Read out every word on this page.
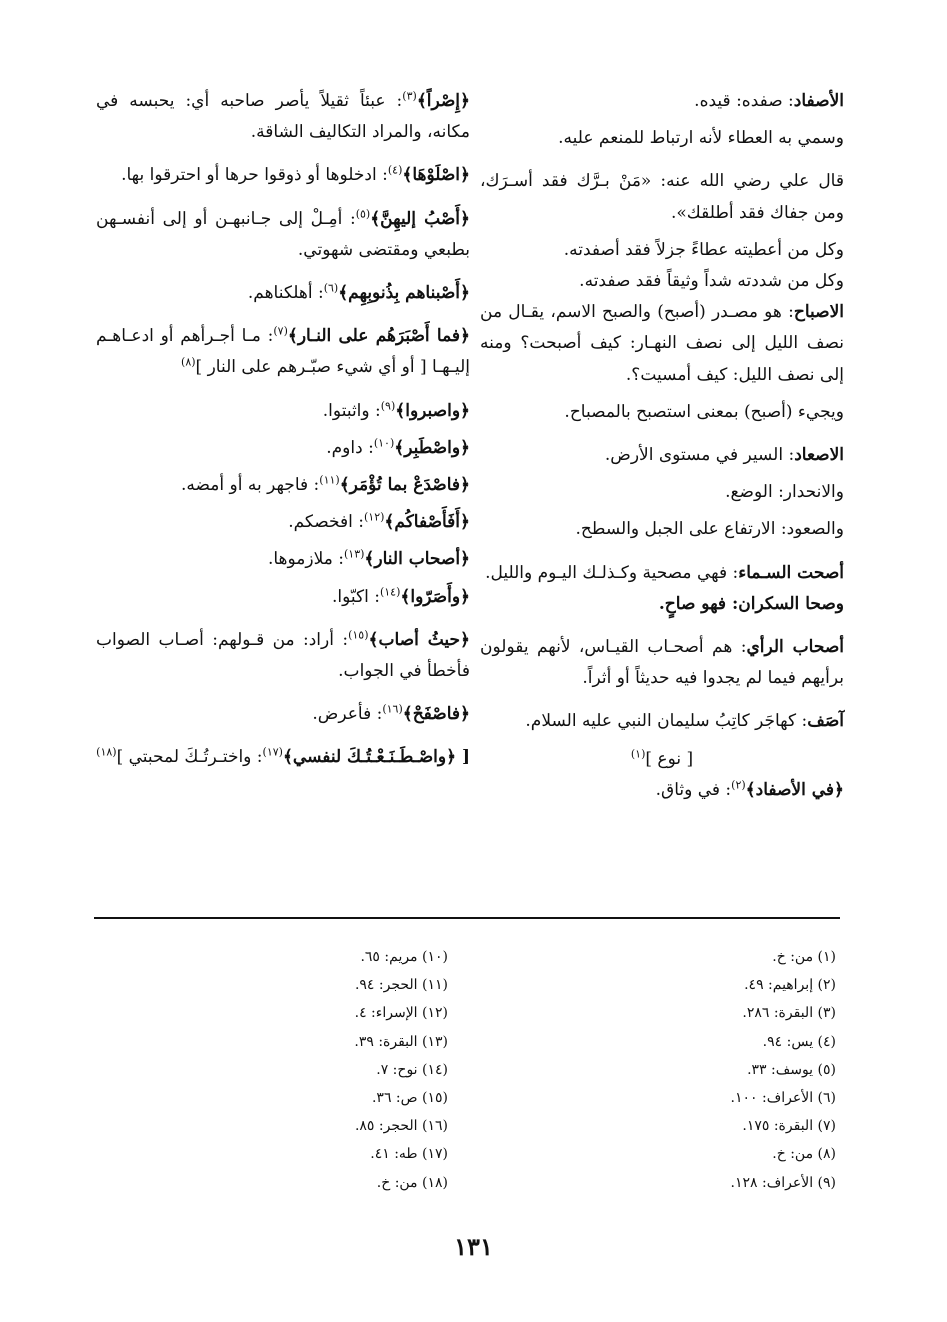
الأصفاد: صفده: قيده.

وسمي به العطاء لأنه ارتباط للمنعم عليه.

قال علي رضي الله عنه: «مَنْ بـرَّك فقد أسـرَك، ومن جفاك فقد أطلقك».

وكل من أعطيته عطاءً جزلاً فقد أصفدته.

وكل من شددته شداً وثيقاً فقد صفدته.

الاصباح: هو مصـدر (أصبح) والصبح الاسم، يقـال من نصف الليل إلى نصف النهـار: كيف أصبحت؟ ومنه إلى نصف الليل: كيف أمسيت؟.

ويجيء (أصبح) بمعنى استصبح بالمصباح.

الاصعاد: السير في مستوى الأرض.

والانحدار: الوضع.

والصعود: الارتفاع على الجبل والسطح.

أصحت السـماء: فهي مصحية وكـذلـك اليـوم والليل.

وصحا السكران: فهو صاحٍ.

أصحاب الرأي: هم أصحـاب القيـاس، لأنهم يقولون برأيهم فيما لم يجدوا فيه حديثاً أو أثراً.

آصَف: كهاجَر كاتِبُ سليمان النبي عليه السلام.

[ نوع ]$^{(١)}$

﴿في الأصفاد﴾$^{(٢)}$: في وثاق.

﴿إِصْراً﴾$^{(٣)}$: عبئاً ثقيلاً يأصر صاحبه أي: يحبسه في مكانه، والمراد التكاليف الشاقة.

﴿اصْلَوْهَا﴾$^{(٤)}$: ادخلوها أو ذوقوا حرها أو احترقوا بها.

﴿أَصْبُ إليهِنَّ﴾$^{(٥)}$: أمِـلْ إلى جـانبهـن أو إلى أنفسـهن بطبعي ومقتضى شهوتي.

﴿أَصْبناهم بِذُنوبِهِم﴾$^{(٦)}$: أهلكناهم.

﴿فما أَصْبَرَهُم على النـار﴾$^{(٧)}$: مـا أجـرأهم أو ادعـاهـم إليـهـا [ أو أي شيء صبّـرهم على النار ]$^{(٨)}$

﴿واصبروا﴾$^{(٩)}$: واثبتوا.

﴿واصْطَبِر﴾$^{(١٠)}$: داوم.

﴿فاصْدَعْ بما تُؤْمَر﴾$^{(١١)}$: فاجهر به أو أمضه.

﴿أَفَأَصْفاكُم﴾$^{(١٢)}$: افخصكم.

﴿أصحاب النار﴾$^{(١٣)}$: ملازموها.

﴿وأَصَرّوا﴾$^{(١٤)}$: اكبّوا.

﴿حيثُ أصاب﴾$^{(١٥)}$: أراد: من قـولهم: أصـاب الصواب فأخطأ في الجواب.

﴿فاصْفَحْ﴾$^{(١٦)}$: فأعرض.

[ ﴿واصْـطَـنَـعْـتُـكَ لنفسي﴾$^{(١٧)}$: واختـرتُـكَ لمحبتي ]$^{(١٨)}$

(١) من: خ.
(٢) إبراهيم: ٤٩.
(٣) البقرة: ٢٨٦.
(٤) يس: ٩٤.
(٥) يوسف: ٣٣.
(٦) الأعراف: ١٠٠.
(٧) البقرة: ١٧٥.
(٨) من: خ.
(٩) الأعراف: ١٢٨.
(١٠) مريم: ٦٥.
(١١) الحجر: ٩٤.
(١٢) الإسراء: ٤.
(١٣) البقرة: ٣٩.
(١٤) نوح: ٧.
(١٥) ص: ٣٦.
(١٦) الحجر: ٨٥.
(١٧) طه: ٤١.
(١٨) من: خ.
١٣١
